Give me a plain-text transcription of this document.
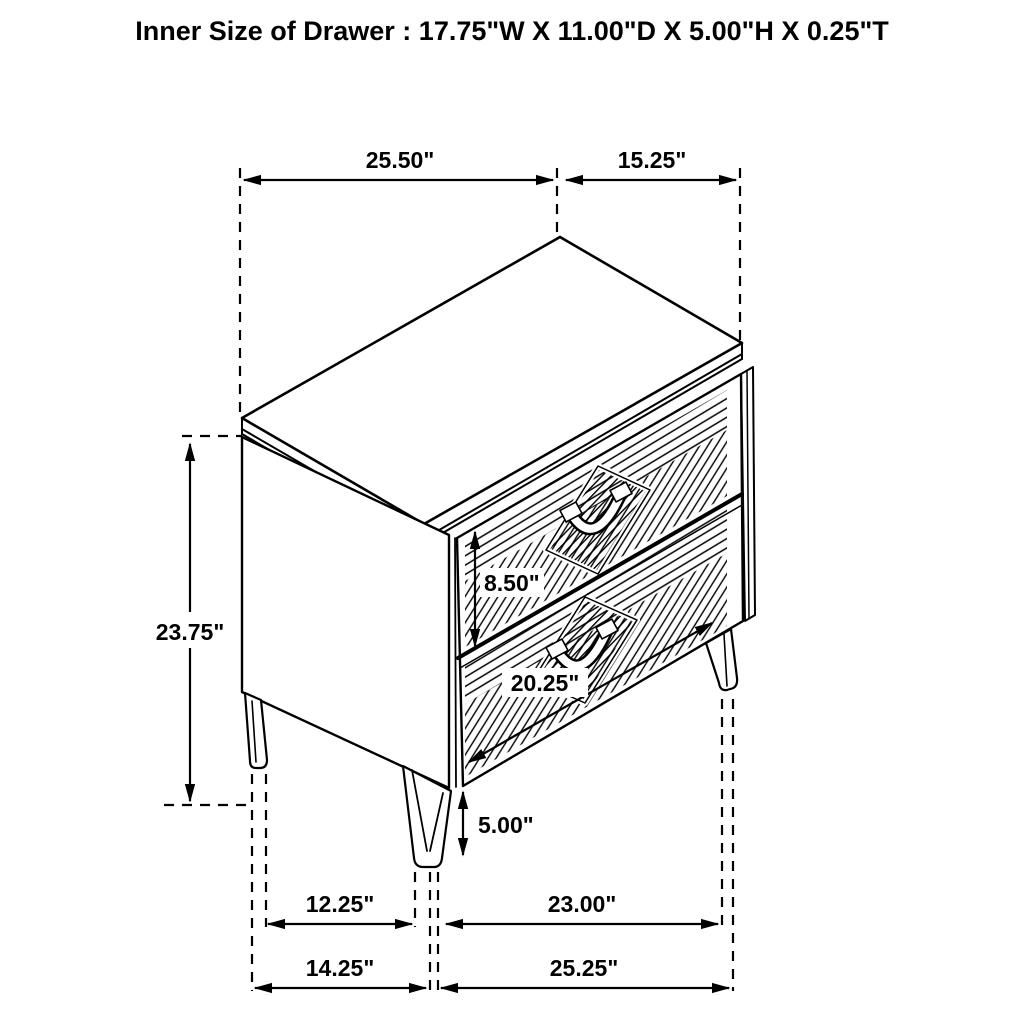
Inner Size of Drawer : 17.75"W X 11.00"D X 5.00"H X 0.25"T
25.50"	15.25"
23.75"
8.50"
20.25"
5.00"
12.25"	23.00"
14.25"	25.25"
